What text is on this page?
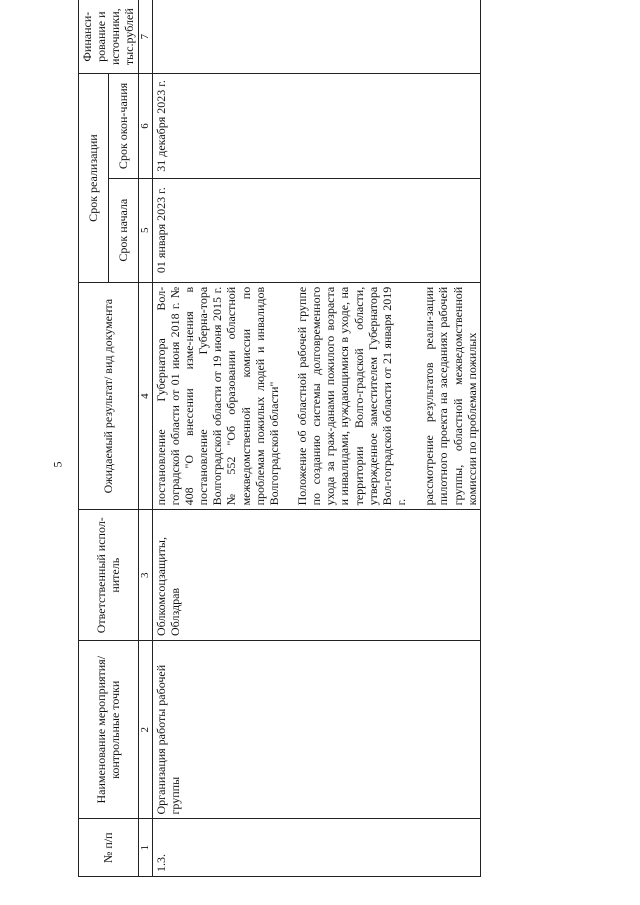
5
№ п/п	Наименование мероприятия/ контрольные точки	Ответственный испол-нитель	Ожидаемый результат/ вид документа	Срок реализации		Финанси-рование и источники, тыс.рублей
				Срок начала	Срок окон-чания	
1	2	3	4	5	6	7
1.3.	Организация работы рабочей группы	Облкомсоцзащиты, Облздрав	постановление Губернатора Вол-гоградской области от 01 июня 2018 г. № 408 "О внесении изме-нения в постановление Губерна-тора Волгоградской области от 19 июня 2015 г. № 552 "Об образовании областной межведомственной комиссии по проблемам пожилых людей и инвалидов Волгоградской области" Положение об областной рабочей группе по созданию системы долговременного ухода за граж-данами пожилого возраста и инвалидами, нуждающимися в уходе, на территории Волго-градской области, утвержденное заместителем Губернатора Вол-гоградской области от 21 января 2019 г. рассмотрение результатов реали-зации пилотного проекта на заседаниях рабочей группы, областной межведомственной комиссии по проблемам пожилых	01 января 2023 г.	31 декабря 2023 г.	
